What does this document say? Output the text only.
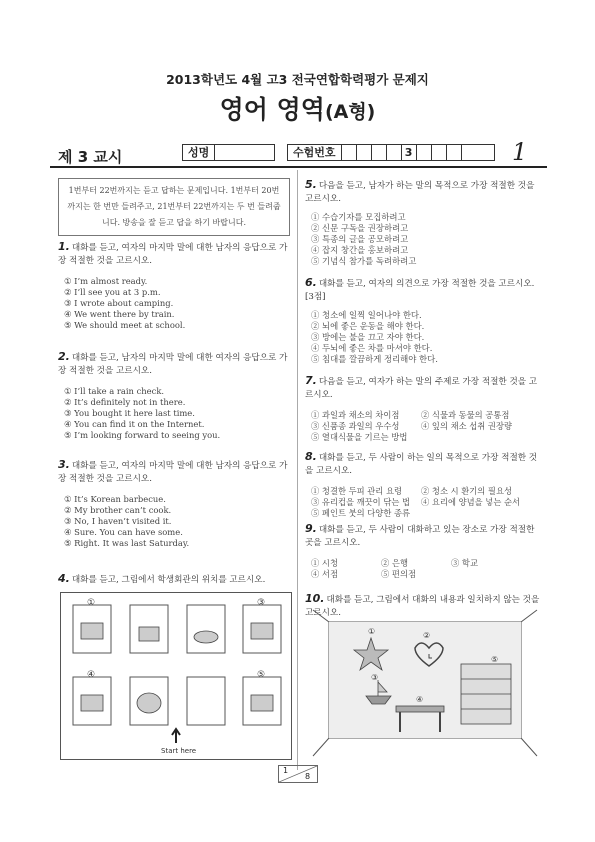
2013학년도 4월 고3 전국연합학력평가 문제지
영어 영역(A형)
제 3 교시	성명	수험번호	3	1
1번부터 22번까지는 듣고 답하는 문제입니다. 1번부터 20번까지는 한 번만 들려주고, 21번부터 22번까지는 두 번 들려줍니다. 방송을 잘 듣고 답을 하기 바랍니다.
1. 대화를 듣고, 여자의 마지막 말에 대한 남자의 응답으로 가장 적절한 것을 고르시오.
① I’m almost ready.
② I’ll see you at 3 p.m.
③ I wrote about camping.
④ We went there by train.
⑤ We should meet at school.
2. 대화를 듣고, 남자의 마지막 말에 대한 여자의 응답으로 가장 적절한 것을 고르시오.
① I’ll take a rain check.
② It’s definitely not in there.
③ You bought it here last time.
④ You can find it on the Internet.
⑤ I’m looking forward to seeing you.
3. 대화를 듣고, 여자의 마지막 말에 대한 남자의 응답으로 가장 적절한 것을 고르시오.
① It’s Korean barbecue.
② My brother can’t cook.
③ No, I haven’t visited it.
④ Sure. You can have some.
⑤ Right. It was last Saturday.
4. 대화를 듣고, 그림에서 학생회관의 위치를 고르시오.
①	③
④	⑤
Start here
5. 다음을 듣고, 남자가 하는 말의 목적으로 가장 적절한 것을 고르시오.
① 수습기자를 모집하려고
② 신문 구독을 권장하려고
③ 특종의 글을 공모하려고
④ 잡지 창간을 홍보하려고
⑤ 기념식 참가를 독려하려고
6. 대화를 듣고, 여자의 의견으로 가장 적절한 것을 고르시오. [3점]
① 청소에 일찍 일어나야 한다.
② 뇌에 좋은 운동을 해야 한다.
③ 방에는 불을 끄고 자야 한다.
④ 두뇌에 좋은 차를 마셔야 한다.
⑤ 침대를 깔끔하게 정리해야 한다.
7. 다음을 듣고, 여자가 하는 말의 주제로 가장 적절한 것을 고르시오.
① 과일과 채소의 차이점	② 식물과 동물의 공통점
③ 신품종 과일의 우수성	④ 잎의 채소 섭취 권장량
⑤ 열대식물을 기르는 방법
8. 대화를 듣고, 두 사람이 하는 일의 목적으로 가장 적절한 것을 고르시오.
① 청결한 두피 관리 요령	② 청소 시 환기의 필요성
③ 유리컵을 깨끗이 닦는 법	④ 요리에 양념을 넣는 순서
⑤ 페인트 붓의 다양한 종류
9. 대화를 듣고, 두 사람이 대화하고 있는 장소로 가장 적절한 곳을 고르시오.
① 시청	② 은행	③ 학교
④ 서점	⑤ 편의점
10. 대화를 듣고, 그림에서 대화의 내용과 일치하지 않는 것을 고르시오.
①	②
③
④
⑤
1
8
